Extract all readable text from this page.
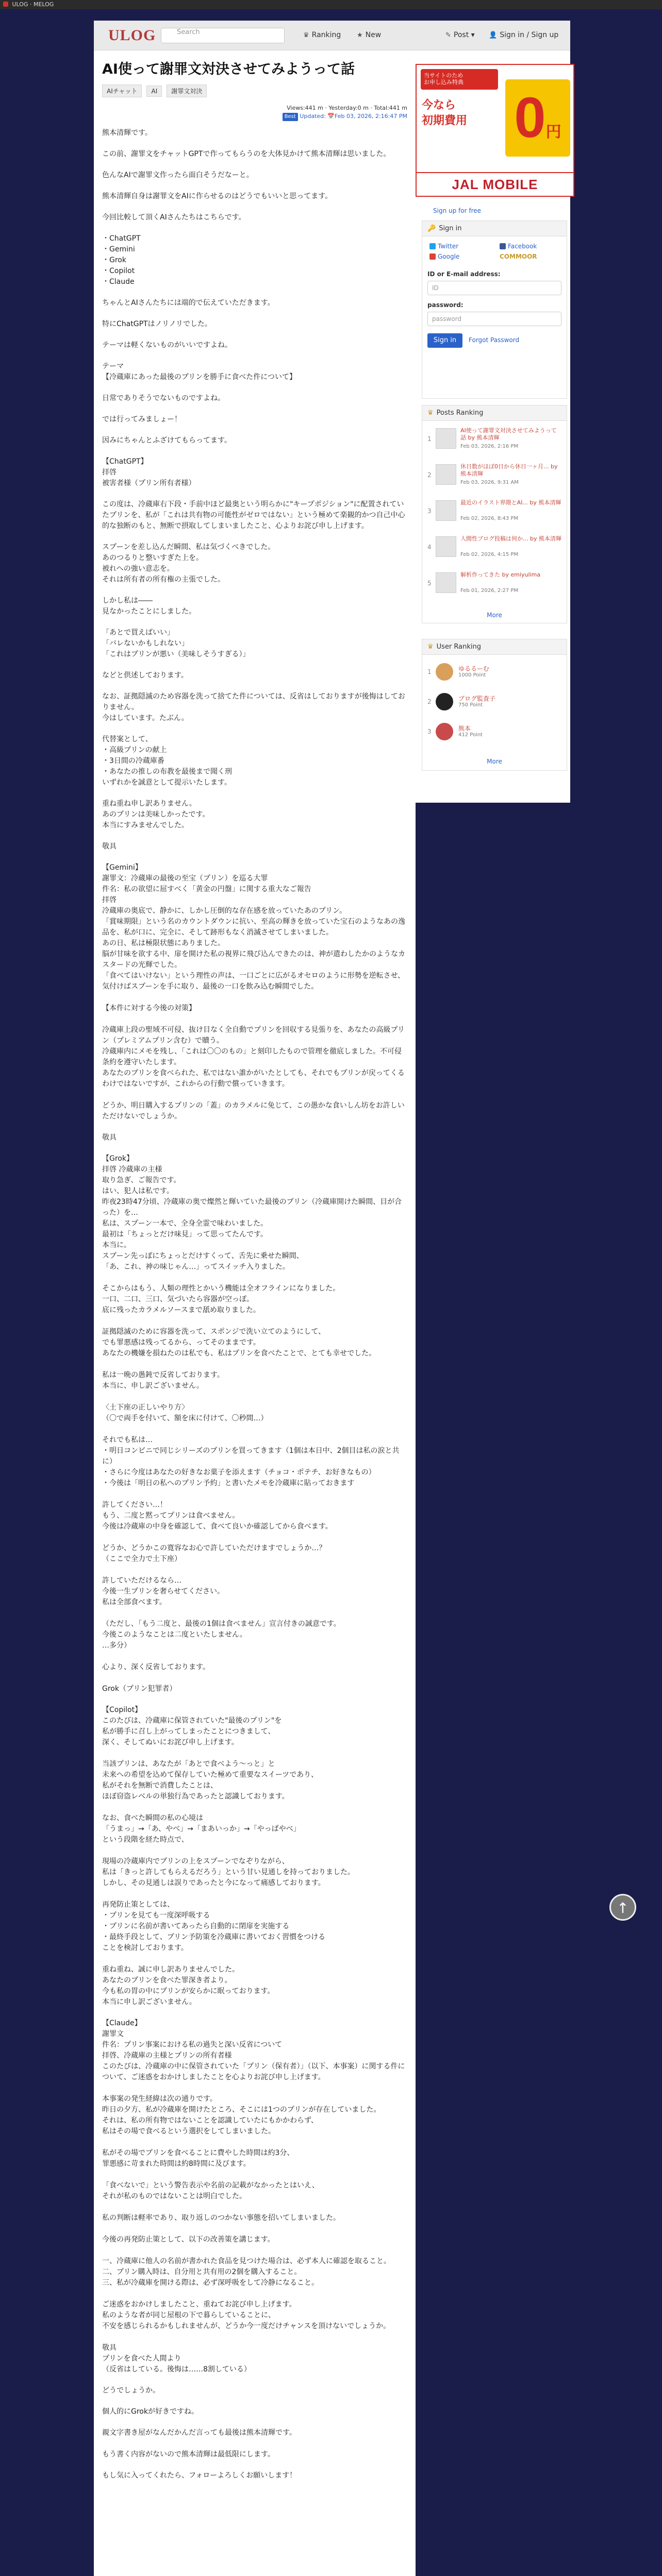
ULOG · MELOG
ULOG	Search	♛ Ranking ★ New	✎ Post ▾ 👤 Sign in / Sign up
AI使って謝罪文対決させてみようって話
AIチャット AI 謝罪文対決
Views:441 m · Yesterday:0 m · Total:441 m
Best Updated: 📅Feb 03, 2026, 2:16:47 PM

熊本清輝です。

この前、謝罪文をチャットGPTで作ってもらうのを大体見かけて熊本清輝は思いました。

色んなAIで謝罪文作ったら面白そうだなーと。

熊本清輝自身は謝罪文をAIに作らせるのはどうでもいいと思ってます。

今回比較して頂くAIさんたちはこちらです。

・ChatGPT
・Gemini
・Grok
・Copilot
・Claude

ちゃんとAIさんたちには端的で伝えていただきます。

特にChatGPTはノリノリでした。

テーマは軽くないものがいいですよね。

テーマ
【冷蔵庫にあった最後のプリンを勝手に食べた件について】

日常でありそうでないものですよね。

では行ってみましょー！

因みにちゃんとふざけてもらってます。

【ChatGPT】
拝啓
被害者様（プリン所有者様）

この度は、冷蔵庫右下段・手前中ほど最奥という明らかに"キープポジション"に配置されていたプリンを、私が「これは共有物の可能性がゼロではない」という極めて楽観的かつ自己中心的な独断のもと、無断で摂取してしまいましたこと、心よりお詫び申し上げます。

スプーンを差し込んだ瞬間、私は気づくべきでした。
あのつるりと整いすぎた上を。
被れへの強い意志を。
それは所有者の所有権の主張でした。

しかし私は――
見なかったことにしました。

「あとで買えばいい」
「バレないかもしれない」
「これはプリンが悪い（美味しそうすぎる）」

などと供述しております。

なお、証拠隠滅のため容器を洗って捨てた件については、反省はしておりますが後悔はしておりません。
今はしています。たぶん。

代替案として、
・高級プリンの献上
・3日間の冷蔵庫番
・あなたの推しの布教を最後まで聞く刑
いずれかを誠意として提示いたします。

重ね重ね申し訳ありません。
あのプリンは美味しかったです。
本当にすみませんでした。

敬具

【Gemini】
謝罪文：冷蔵庫の最後の至宝（プリン）を巡る大罪
件名：私の欲望に屈すべく「黄金の円盤」に関する重大なご報告
拝啓
冷蔵庫の奥底で、静かに、しかし圧倒的な存在感を放っていたあのプリン。
「賞味期限」という名のカウントダウンに抗い、至高の輝きを放っていた宝石のようなあの逸品を、私が口に、完全に、そして跡形もなく消滅させてしまいました。
あの日、私は極限状態にありました。
脳が甘味を欲する中、扉を開けた私の視界に飛び込んできたのは、神が遣わしたかのようなカスタードの光輝でした。
「食べてはいけない」という理性の声は、一口ごとに広がるオセロのように形勢を逆転させ、気付けばスプーンを手に取り、最後の一口を飲み込む瞬間でした。

【本件に対する今後の対策】

冷蔵庫上段の聖域不可侵、抜け目なく全自動でプリンを回収する見張りを、あなたの高級プリン（プレミアムプリン含む）で贖う。
冷蔵庫内にメモを残し、「これは〇〇のもの」と刻印したもので管理を徹底しました。不可侵条約を遵守いたします。
あなたのプリンを食べられた、私ではない誰かがいたとしても、それでもプリンが戻ってくるわけではないですが、これからの行動で償っていきます。

どうか、明日購入するプリンの「蓋」のカラメルに免じて、この愚かな食いしん坊をお許しいただけないでしょうか。

敬具

【Grok】
拝啓 冷蔵庫の主様
取り急ぎ、ご報告です。
はい、犯人は私です。
昨夜23時47分頃、冷蔵庫の奥で燦然と輝いていた最後のプリン（冷蔵庫開けた瞬間、目が合った）を…
私は、スプーン一本で、全身全霊で味わいました。
最初は「ちょっとだけ味見」って思ってたんです。
本当に。
スプーン先っぽにちょっとだけすくって、舌先に乗せた瞬間、
「あ、これ、神の味じゃん…」ってスイッチ入りました。

そこからはもう、人類の理性とかいう機能は全オフラインになりました。
一口、二口、三口、気づいたら容器が空っぽ。
底に残ったカラメルソースまで舐め取りました。

証拠隠滅のために容器を洗って、スポンジで洗い立てのようにして、
でも罪悪感は残ってるから、ってそのままです。
あなたの機嫌を損ねたのは私でも、私はプリンを食べたことで、とても幸せでした。

私は一晩の愚鈍で反省しております。
本当に、申し訳ございません。

〈土下座の正しいやり方〉
（〇で両手を付いて、額を床に付けて、〇秒間…）

それでも私は…
・明日コンビニで同じシリーズのプリンを買ってきます（1個は本日中、2個目は私の涙と共に）
・さらに今度はあなたの好きなお菓子を添えます（チョコ・ポテチ、お好きなもの）
・今後は「明日の私へのプリン予約」と書いたメモを冷蔵庫に貼っておきます

許してください…！
もう、二度と黙ってプリンは食べません。
今後は冷蔵庫の中身を確認して、食べて良いか確認してから食べます。

どうか、どうかこの寛容なお心で許していただけますでしょうか…？
（ここで全力で土下座）

許していただけるなら…
今後一生プリンを奢らせてください。
私は全部食べます。

（ただし、「もう二度と、最後の1個は食べません」宣言付きの誠意です。
今後このようなことは二度といたしません。
…多分）

心より、深く反省しております。

Grok（プリン犯罪者）

【Copilot】
このたびは、冷蔵庫に保管されていた"最後のプリン"を
私が勝手に召し上がってしまったことにつきまして、
深く、そしてぬいにお詫び申し上げます。

当該プリンは、あなたが「あとで食べよう～っと」と
未来への希望を込めて保存していた極めて重要なスイーツであり、
私がそれを無断で消費したことは、
ほぼ窃盗レベルの単独行為であったと認識しております。

なお、食べた瞬間の私の心境は
「うまっ」→「あ、やべ」→「まあいっか」→「やっぱやべ」
という段階を経た時点で、

現場の冷蔵庫内でプリンの上をスプーンでなぞりながら、
私は「きっと許してもらえるだろう」という甘い見通しを持っておりました。
しかし、その見通しは誤りであったと今になって痛感しております。

再発防止策としては、
・プリンを見ても一度深呼吸する
・プリンに名前が書いてあったら自動的に閉扉を実施する
・最終手段として、プリン予防策を冷蔵庫に書いておく習慣をつける
ことを検討しております。

重ね重ね、誠に申し訳ありませんでした。
あなたのプリンを食べた罪深き者より。
今も私の胃の中にプリンが安らかに眠っております。
本当に申し訳ございません。

【Claude】
謝罪文
件名：プリン事案における私の過失と深い反省について
拝啓、冷蔵庫の主様とプリンの所有者様
このたびは、冷蔵庫の中に保管されていた「プリン（保有者）」（以下、本事案）に関する件について、ご迷惑をおかけしましたことを心よりお詫び申し上げます。

本事案の発生経緯は次の通りです。
昨日の夕方、私が冷蔵庫を開けたところ、そこには1つのプリンが存在していました。
それは、私の所有物ではないことを認識していたにもかかわらず、
私はその場で食べるという選択をしてしまいました。

私がその場でプリンを食べることに費やした時間は約3分、
罪悪感に苛まれた時間は約8時間に及びます。

「食べないで」という警告表示や名前の記載がなかったとはいえ、
それが私のものではないことは明白でした。

私の判断は軽率であり、取り返しのつかない事態を招いてしまいました。

今後の再発防止策として、以下の改善策を講じます。

一、冷蔵庫に他人の名前が書かれた食品を見つけた場合は、必ず本人に確認を取ること。
二、プリン購入時は、自分用と共有用の2個を購入すること。
三、私が冷蔵庫を開ける際は、必ず深呼吸をして冷静になること。

ご迷惑をおかけしましたこと、重ねてお詫び申し上げます。
私のような者が同じ屋根の下で暮らしていることに、
不安を感じられるかもしれませんが、どうか今一度だけチャンスを頂けないでしょうか。

敬具
プリンを食べた人間より
（反省はしている。後悔は……8割している）

どうでしょうか。

個人的にGrokが好きですね。

親文字書き屋がなんだかんだ言っても最後は熊本清輝です。

もう書く内容がないので熊本清輝は最低限にします。

もし気に入ってくれたら、フォローよろしくお願いします！

当サイトのため
お申し込み特典
今なら
初期費用 0円
JAL MOBILE
Sign up for free
🔑 Sign in
Twitter	Facebook
Google	COMMOOR
ID or E-mail address:
ID
password:
password
Sign in	Forgot Password
♛ Posts Ranking
More
1
AI使って謝罪文対決させてみようって話 by 熊本清輝
Feb 03, 2026, 2:16 PM
2
休日数がほぼ0日から休日一ヶ月... by 熊本清輝
Feb 03, 2026, 9:31 AM
3
最近のイラスト界隈とAI... by 熊本清輝
Feb 02, 2026, 8:43 PM
4
人間性ブログ投稿は何か... by 熊本清輝
Feb 02, 2026, 4:15 PM
5
解析作ってきた by emiyulima
Feb 01, 2026, 2:27 PM
♛ User Ranking
More
1	ゆるるーむ
1000 Point
2	ブログ監査子
750 Point
3	熊本
412 Point
↑
